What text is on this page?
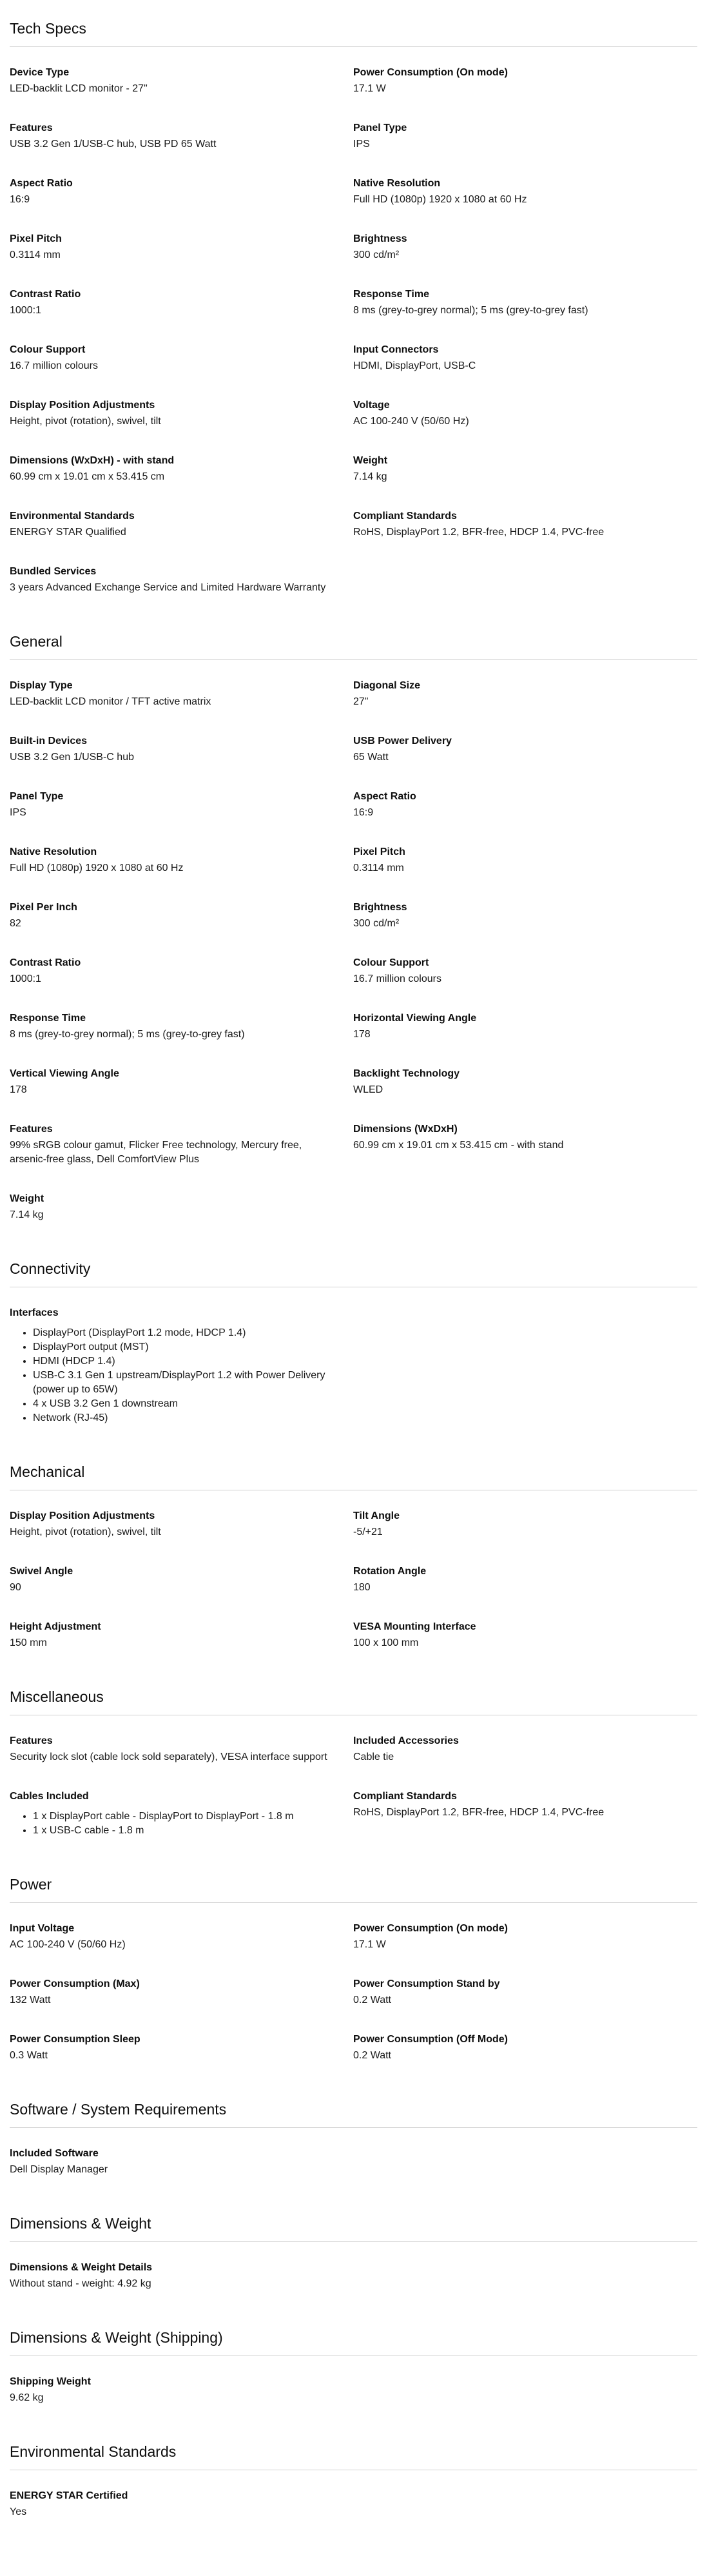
Tech Specs
Device Type
LED-backlit LCD monitor - 27"
Power Consumption (On mode)
17.1 W
Features
USB 3.2 Gen 1/USB-C hub, USB PD 65 Watt
Panel Type
IPS
Aspect Ratio
16:9
Native Resolution
Full HD (1080p) 1920 x 1080 at 60 Hz
Pixel Pitch
0.3114 mm
Brightness
300 cd/m²
Contrast Ratio
1000:1
Response Time
8 ms (grey-to-grey normal); 5 ms (grey-to-grey fast)
Colour Support
16.7 million colours
Input Connectors
HDMI, DisplayPort, USB-C
Display Position Adjustments
Height, pivot (rotation), swivel, tilt
Voltage
AC 100-240 V (50/60 Hz)
Dimensions (WxDxH) - with stand
60.99 cm x 19.01 cm x 53.415 cm
Weight
7.14 kg
Environmental Standards
ENERGY STAR Qualified
Compliant Standards
RoHS, DisplayPort 1.2, BFR-free, HDCP 1.4, PVC-free
Bundled Services
3 years Advanced Exchange Service and Limited Hardware Warranty
General
Display Type
LED-backlit LCD monitor / TFT active matrix
Diagonal Size
27"
Built-in Devices
USB 3.2 Gen 1/USB-C hub
USB Power Delivery
65 Watt
Panel Type
IPS
Aspect Ratio
16:9
Native Resolution
Full HD (1080p) 1920 x 1080 at 60 Hz
Pixel Pitch
0.3114 mm
Pixel Per Inch
82
Brightness
300 cd/m²
Contrast Ratio
1000:1
Colour Support
16.7 million colours
Response Time
8 ms (grey-to-grey normal); 5 ms (grey-to-grey fast)
Horizontal Viewing Angle
178
Vertical Viewing Angle
178
Backlight Technology
WLED
Features
99% sRGB colour gamut, Flicker Free technology, Mercury free, arsenic-free glass, Dell ComfortView Plus
Dimensions (WxDxH)
60.99 cm x 19.01 cm x 53.415 cm - with stand
Weight
7.14 kg
Connectivity
Interfaces
• DisplayPort (DisplayPort 1.2 mode, HDCP 1.4)
• DisplayPort output (MST)
• HDMI (HDCP 1.4)
• USB-C 3.1 Gen 1 upstream/DisplayPort 1.2 with Power Delivery (power up to 65W)
• 4 x USB 3.2 Gen 1 downstream
• Network (RJ-45)
Mechanical
Display Position Adjustments
Height, pivot (rotation), swivel, tilt
Tilt Angle
-5/+21
Swivel Angle
90
Rotation Angle
180
Height Adjustment
150 mm
VESA Mounting Interface
100 x 100 mm
Miscellaneous
Features
Security lock slot (cable lock sold separately), VESA interface support
Included Accessories
Cable tie
Cables Included
• 1 x DisplayPort cable - DisplayPort to DisplayPort - 1.8 m
• 1 x USB-C cable - 1.8 m
Compliant Standards
RoHS, DisplayPort 1.2, BFR-free, HDCP 1.4, PVC-free
Power
Input Voltage
AC 100-240 V (50/60 Hz)
Power Consumption (On mode)
17.1 W
Power Consumption (Max)
132 Watt
Power Consumption Stand by
0.2 Watt
Power Consumption Sleep
0.3 Watt
Power Consumption (Off Mode)
0.2 Watt
Software / System Requirements
Included Software
Dell Display Manager
Dimensions & Weight
Dimensions & Weight Details
Without stand - weight: 4.92 kg
Dimensions & Weight (Shipping)
Shipping Weight
9.62 kg
Environmental Standards
ENERGY STAR Certified
Yes
